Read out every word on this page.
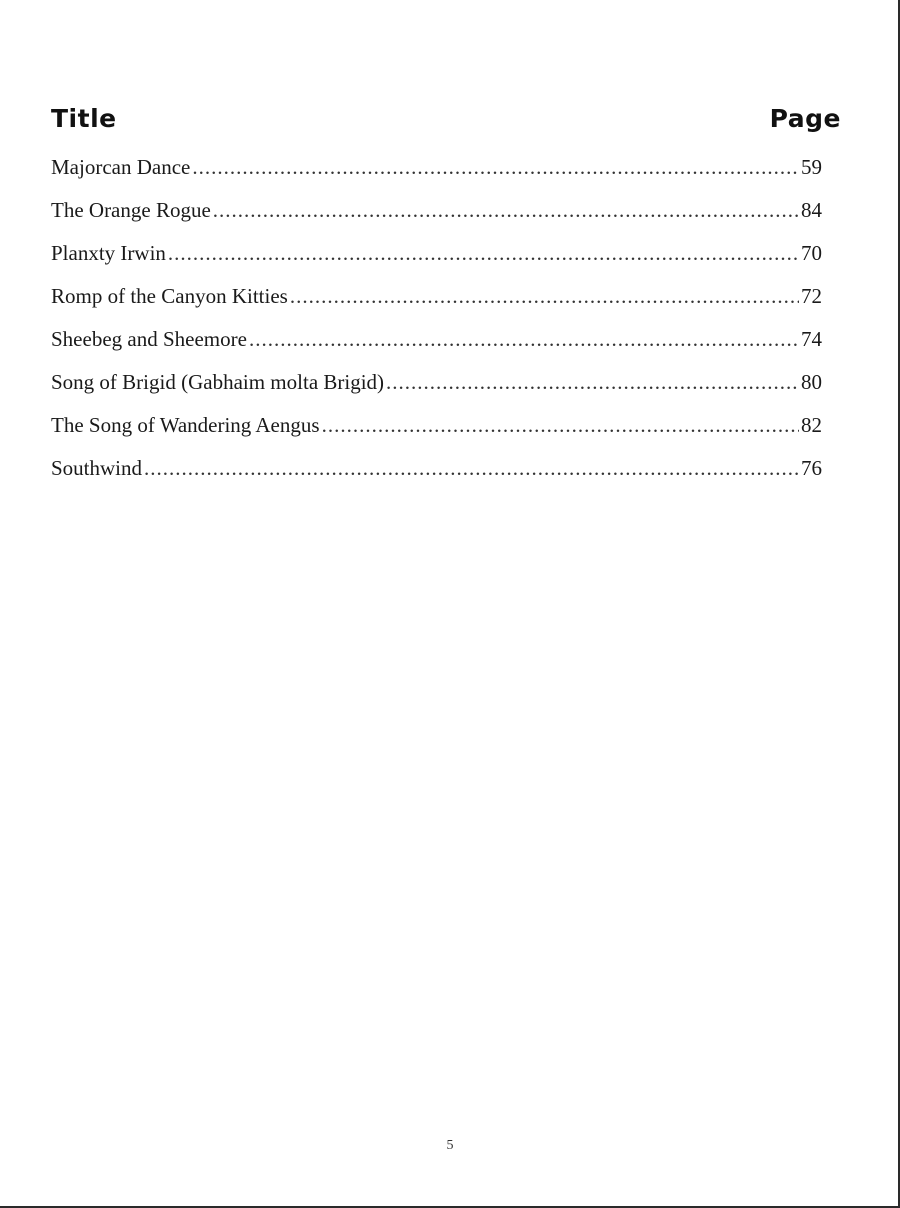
Title	Page
Majorcan Dance .....	59
The Orange Rogue .....	84
Planxty Irwin .....	70
Romp of the Canyon Kitties .....	72
Sheebeg and Sheemore .....	74
Song of Brigid (Gabhaim molta Brigid) .....	80
The Song of Wandering Aengus .....	82
Southwind .....	76
5
